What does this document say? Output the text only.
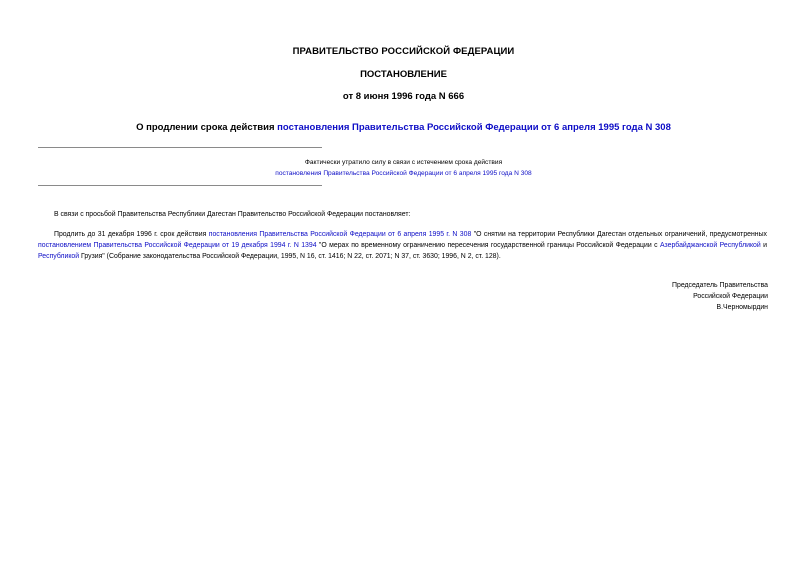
ПРАВИТЕЛЬСТВО РОССИЙСКОЙ ФЕДЕРАЦИИ
ПОСТАНОВЛЕНИЕ
от 8 июня 1996 года N 666
О продлении срока действия постановления Правительства Российской Федерации от 6 апреля 1995 года N 308
Фактически утратило силу в связи с истечением срока действия
постановления Правительства Российской Федерации от 6 апреля 1995 года N 308
В связи с просьбой Правительства Республики Дагестан Правительство Российской Федерации постановляет:
Продлить до 31 декабря 1996 г. срок действия постановления Правительства Российской Федерации от 6 апреля 1995 г. N 308 "О снятии на территории Республики Дагестан отдельных ограничений, предусмотренных постановлением Правительства Российской Федерации от 19 декабря 1994 г. N 1394 "О мерах по временному ограничению пересечения государственной границы Российской Федерации с Азербайджанской Республикой и Республикой Грузия" (Собрание законодательства Российской Федерации, 1995, N 16, ст. 1416; N 22, ст. 2071; N 37, ст. 3630; 1996, N 2, ст. 128).
Председатель Правительства
Российской Федерации
В.Черномырдин
